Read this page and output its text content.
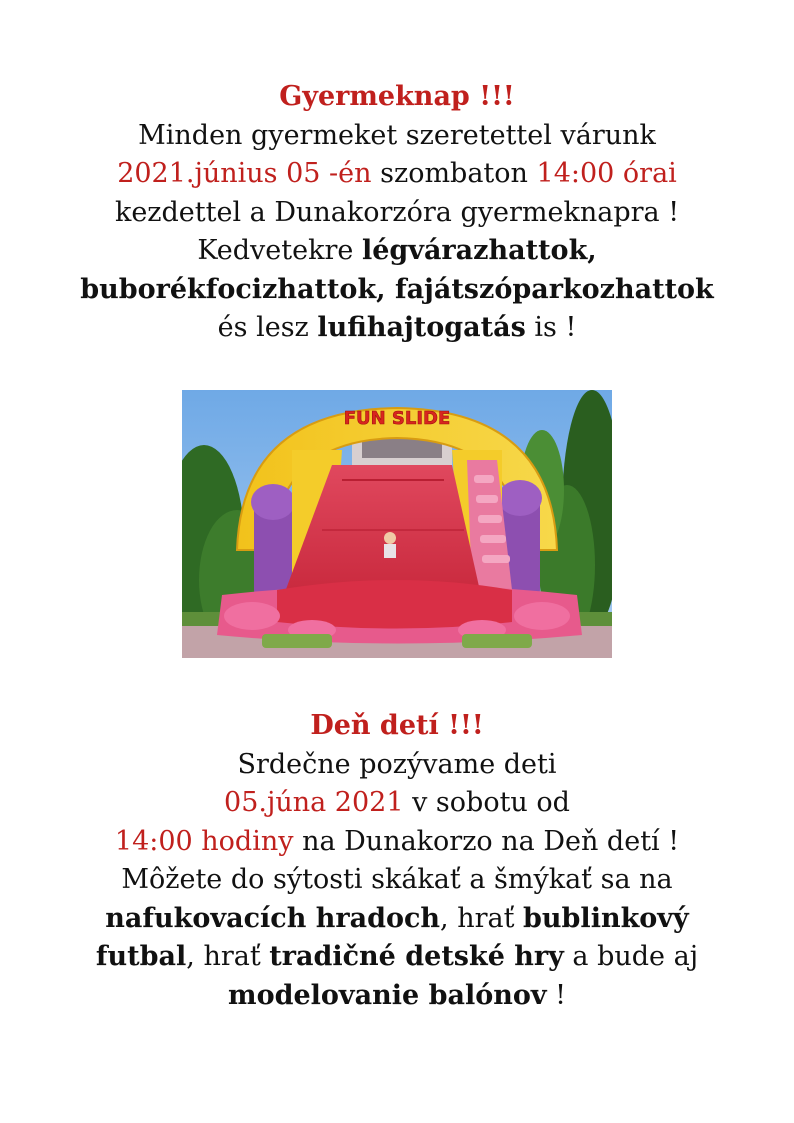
Gyermeknap !!!
Minden gyermeket szeretettel várunk
2021.június 05 -én szombaton 14:00 órai
kezdettel a Dunakorzóra gyermeknapra !
Kedvetekre légvárazhattok,
buborékfocizhattok, fajátszóparkozhattok
és lesz lufihajtogatás is !
FUN SLIDE
Deň detí !!!
Srdečne pozývame deti
05.júna 2021 v sobotu od
14:00 hodiny na Dunakorzo na Deň detí !
Môžete do sýtosti skákať a šmýkať sa na
nafukovacích hradoch, hrať bublinkový
futbal, hrať tradičné detské hry a bude aj
modelovanie balónov !
